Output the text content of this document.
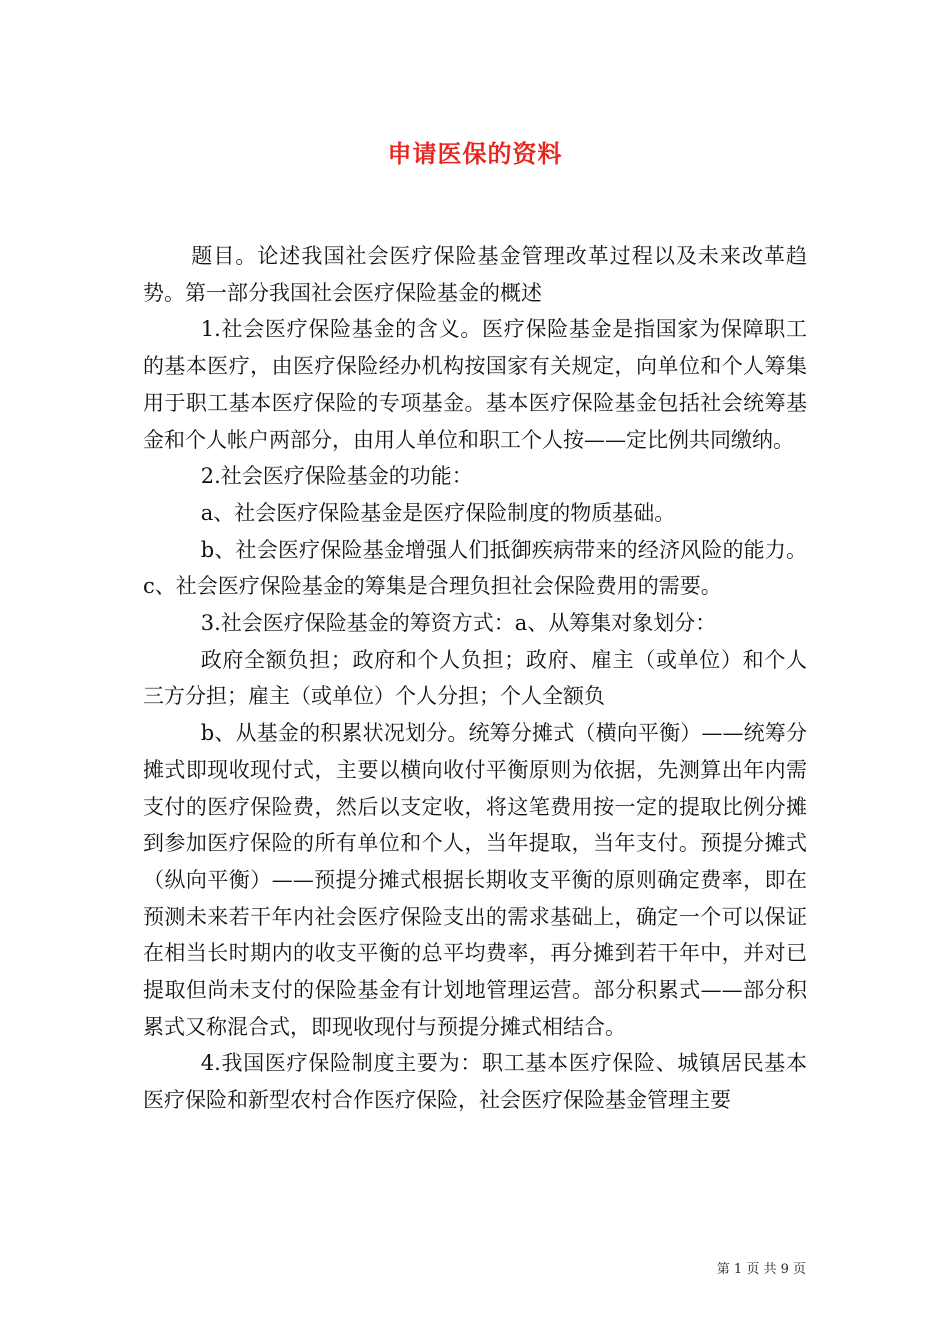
申请医保的资料

题目。论述我国社会医疗保险基金管理改革过程以及未来改革趋势。第一部分我国社会医疗保险基金的概述

1.社会医疗保险基金的含义。医疗保险基金是指国家为保障职工的基本医疗，由医疗保险经办机构按国家有关规定，向单位和个人筹集用于职工基本医疗保险的专项基金。基本医疗保险基金包括社会统筹基金和个人帐户两部分，由用人单位和职工个人按——定比例共同缴纳。

2.社会医疗保险基金的功能：

a、社会医疗保险基金是医疗保险制度的物质基础。

b、社会医疗保险基金增强人们抵御疾病带来的经济风险的能力。c、社会医疗保险基金的筹集是合理负担社会保险费用的需要。

3.社会医疗保险基金的筹资方式：a、从筹集对象划分：

政府全额负担；政府和个人负担；政府、雇主（或单位）和个人三方分担；雇主（或单位）个人分担；个人全额负

b、从基金的积累状况划分。统筹分摊式（横向平衡）——统筹分摊式即现收现付式，主要以横向收付平衡原则为依据，先测算出年内需支付的医疗保险费，然后以支定收，将这笔费用按一定的提取比例分摊到参加医疗保险的所有单位和个人，当年提取，当年支付。预提分摊式（纵向平衡）——预提分摊式根据长期收支平衡的原则确定费率，即在预测未来若干年内社会医疗保险支出的需求基础上，确定一个可以保证在相当长时期内的收支平衡的总平均费率，再分摊到若干年中，并对已提取但尚未支付的保险基金有计划地管理运营。部分积累式——部分积累式又称混合式，即现收现付与预提分摊式相结合。

4.我国医疗保险制度主要为：职工基本医疗保险、城镇居民基本医疗保险和新型农村合作医疗保险，社会医疗保险基金管理主要

第 1 页 共 9 页
